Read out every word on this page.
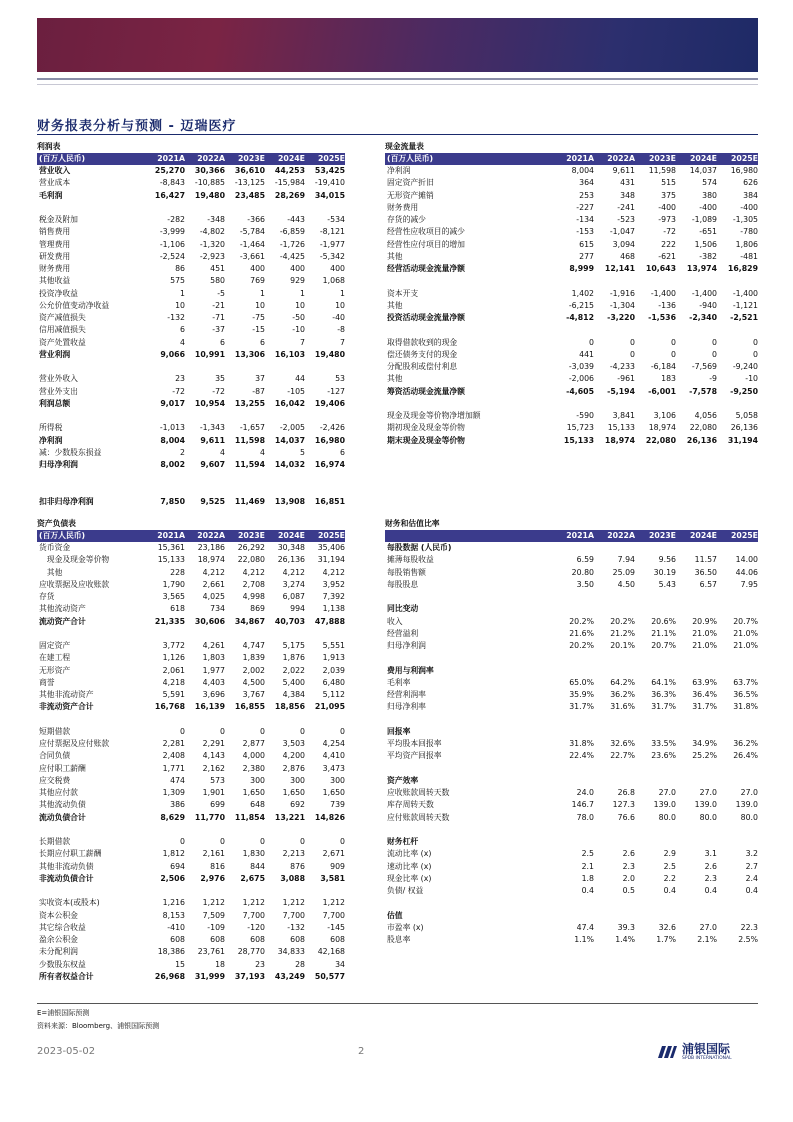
财务报表分析与预测 - 迈瑞医疗
利润表
(百万人民币)	2021A	2022A	2023E	2024E	2025E
营业收入	25,270	30,366	36,610	44,253	53,425
营业成本	-8,843	-10,885	-13,125	-15,984	-19,410
毛利润	16,427	19,480	23,485	28,269	34,015
税金及附加	-282	-348	-366	-443	-534
销售费用	-3,999	-4,802	-5,784	-6,859	-8,121
管理费用	-1,106	-1,320	-1,464	-1,726	-1,977
研发费用	-2,524	-2,923	-3,661	-4,425	-5,342
财务费用	86	451	400	400	400
其他收益	575	580	769	929	1,068
投资净收益	1	-5	1	1	1
公允价值变动净收益	10	-21	10	10	10
资产减值损失	-132	-71	-75	-50	-40
信用减值损失	6	-37	-15	-10	-8
资产处置收益	4	6	6	7	7
营业利润	9,066	10,991	13,306	16,103	19,480
营业外收入	23	35	37	44	53
营业外支出	-72	-72	-87	-105	-127
利润总额	9,017	10,954	13,255	16,042	19,406
所得税	-1,013	-1,343	-1,657	-2,005	-2,426
净利润	8,004	9,611	11,598	14,037	16,980
减：少数股东损益	2	4	4	5	6
归母净利润	8,002	9,607	11,594	14,032	16,974
扣非归母净利润	7,850	9,525	11,469	13,908	16,851
现金流量表
(百万人民币)	2021A	2022A	2023E	2024E	2025E
净利润	8,004	9,611	11,598	14,037	16,980
固定资产折旧	364	431	515	574	626
无形资产摊销	253	348	375	380	384
财务费用	-227	-241	-400	-400	-400
存货的减少	-134	-523	-973	-1,089	-1,305
经营性应收项目的减少	-153	-1,047	-72	-651	-780
经营性应付项目的增加	615	3,094	222	1,506	1,806
其他	277	468	-621	-382	-481
经营活动现金流量净额	8,999	12,141	10,643	13,974	16,829
资本开支	1,402	-1,916	-1,400	-1,400	-1,400
其他	-6,215	-1,304	-136	-940	-1,121
投资活动现金流量净额	-4,812	-3,220	-1,536	-2,340	-2,521
取得借款收到的现金	0	0	0	0	0
偿还债务支付的现金	441	0	0	0	0
分配股利或偿付利息	-3,039	-4,233	-6,184	-7,569	-9,240
其他	-2,006	-961	183	-9	-10
筹资活动现金流量净额	-4,605	-5,194	-6,001	-7,578	-9,250
现金及现金等价物净增加额	-590	3,841	3,106	4,056	5,058
期初现金及现金等价物	15,723	15,133	18,974	22,080	26,136
期末现金及现金等价物	15,133	18,974	22,080	26,136	31,194
资产负债表
(百万人民币)	2021A	2022A	2023E	2024E	2025E
货币资金	15,361	23,186	26,292	30,348	35,406
　现金及现金等价物	15,133	18,974	22,080	26,136	31,194
　其他	228	4,212	4,212	4,212	4,212
应收票据及应收账款	1,790	2,661	2,708	3,274	3,952
存货	3,565	4,025	4,998	6,087	7,392
其他流动资产	618	734	869	994	1,138
流动资产合计	21,335	30,606	34,867	40,703	47,888
固定资产	3,772	4,261	4,747	5,175	5,551
在建工程	1,126	1,803	1,839	1,876	1,913
无形资产	2,061	1,977	2,002	2,022	2,039
商誉	4,218	4,403	4,500	5,400	6,480
其他非流动资产	5,591	3,696	3,767	4,384	5,112
非流动资产合计	16,768	16,139	16,855	18,856	21,095
短期借款	0	0	0	0	0
应付票据及应付账款	2,281	2,291	2,877	3,503	4,254
合同负债	2,408	4,143	4,000	4,200	4,410
应付职工薪酬	1,771	2,162	2,380	2,876	3,473
应交税费	474	573	300	300	300
其他应付款	1,309	1,901	1,650	1,650	1,650
其他流动负债	386	699	648	692	739
流动负债合计	8,629	11,770	11,854	13,221	14,826
长期借款	0	0	0	0	0
长期应付职工薪酬	1,812	2,161	1,830	2,213	2,671
其他非流动负债	694	816	844	876	909
非流动负债合计	2,506	2,976	2,675	3,088	3,581
实收资本(或股本)	1,216	1,212	1,212	1,212	1,212
资本公积金	8,153	7,509	7,700	7,700	7,700
其它综合收益	-410	-109	-120	-132	-145
盈余公积金	608	608	608	608	608
未分配利润	18,386	23,761	28,770	34,833	42,168
少数股东权益	15	18	23	28	34
所有者权益合计	26,968	31,999	37,193	43,249	50,577
财务和估值比率
2021A	2022A	2023E	2024E	2025E
每股数据 (人民币)
摊薄每股收益	6.59	7.94	9.56	11.57	14.00
每股销售额	20.80	25.09	30.19	36.50	44.06
每股股息	3.50	4.50	5.43	6.57	7.95
同比变动
收入	20.2%	20.2%	20.6%	20.9%	20.7%
经营溢利	21.6%	21.2%	21.1%	21.0%	21.0%
归母净利润	20.2%	20.1%	20.7%	21.0%	21.0%
费用与利润率
毛利率	65.0%	64.2%	64.1%	63.9%	63.7%
经营利润率	35.9%	36.2%	36.3%	36.4%	36.5%
归母净利率	31.7%	31.6%	31.7%	31.7%	31.8%
回报率
平均股本回报率	31.8%	32.6%	33.5%	34.9%	36.2%
平均资产回报率	22.4%	22.7%	23.6%	25.2%	26.4%
资产效率
应收账款周转天数	24.0	26.8	27.0	27.0	27.0
库存周转天数	146.7	127.3	139.0	139.0	139.0
应付账款周转天数	78.0	76.6	80.0	80.0	80.0
财务杠杆
流动比率 (x)	2.5	2.6	2.9	3.1	3.2
速动比率 (x)	2.1	2.3	2.5	2.6	2.7
现金比率 (x)	1.8	2.0	2.2	2.3	2.4
负债/ 权益	0.4	0.5	0.4	0.4	0.4
估值
市盈率 (x)	47.4	39.3	32.6	27.0	22.3
股息率	1.1%	1.4%	1.7%	2.1%	2.5%
E=浦银国际预测
资料来源：Bloomberg、浦银国际预测
2023-05-02	2	浦银国际
SPDB INTERNATIONAL
